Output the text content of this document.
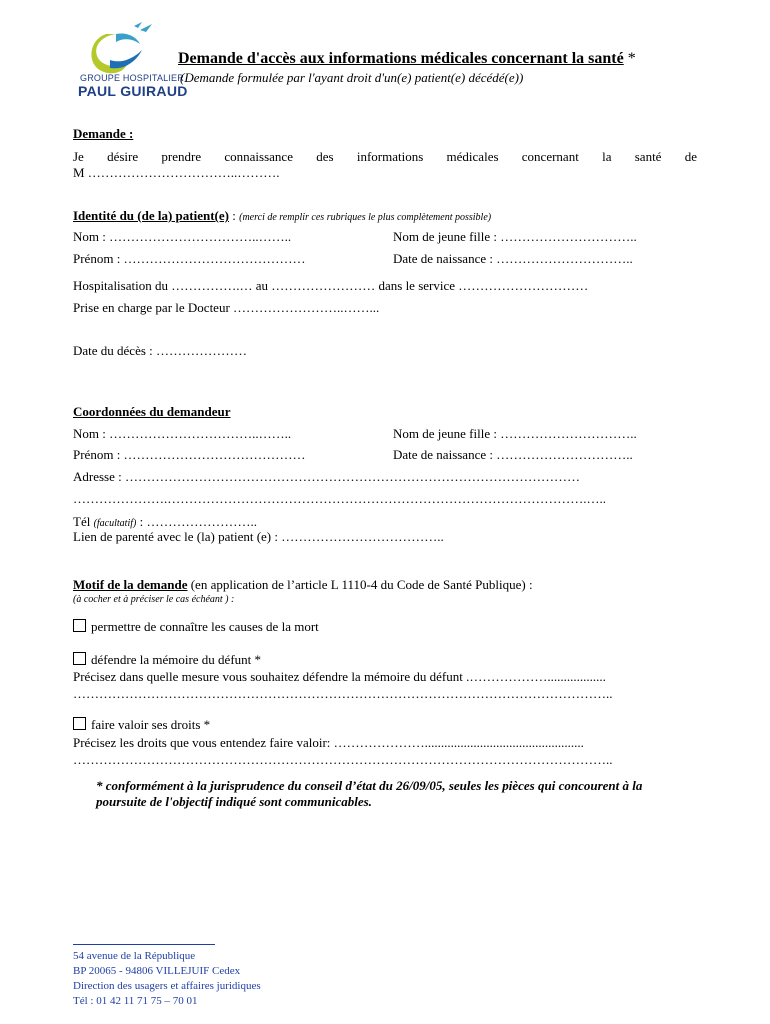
GROUPE HOSPITALIER
PAUL GUIRAUD
Demande d'accès aux informations médicales concernant la santé *
(Demande formulée par l'ayant droit d'un(e) patient(e) décédé(e))
Demande :
Je désire prendre connaissance des informations médicales concernant la santé de
M ……………………………..……….
Identité du (de la) patient(e) : (merci de remplir ces rubriques le plus complètement possible)
Nom : ……………………………..……..	Nom de jeune fille : …………………………..
Prénom : ……………………………………	Date de naissance : …………………………..
Hospitalisation du …………….… au …………………… dans le service …………………………
Prise en charge par le Docteur ……………………..……...
Date du décès : …………………
Coordonnées du demandeur
Nom : ……………………………..……..	Nom de jeune fille : …………………………..
Prénom : ……………………………………	Date de naissance : …………………………..
Adresse : ……………………………………………………………………………………………
………………….…………………………………………………………………………………….…..
Tél (facultatif) : ……………………..
Lien de parenté avec le (la) patient (e) : ………………………………..
Motif de la demande (en application de l’article L 1110-4 du Code de Santé Publique) :
(à cocher et à préciser le cas échéant ) :
permettre de connaître les causes de la mort
défendre la mémoire du défunt *
Précisez dans quelle mesure vous souhaitez défendre la mémoire du défunt .………………..................
……………………………………………………………………………………………………………..
faire valoir ses droits *
Précisez les droits que vous entendez faire valoir: ………………….................................................
……………………………………………………………………………………………………………..
* conformément à la jurisprudence du conseil d’état du 26/09/05, seules les pièces qui concourent à la
poursuite de l'objectif indiqué sont communicables.
54 avenue de la République
BP 20065 - 94806 VILLEJUIF Cedex
Direction des usagers et affaires juridiques
Tél : 01 42 11 71 75 – 70 01
